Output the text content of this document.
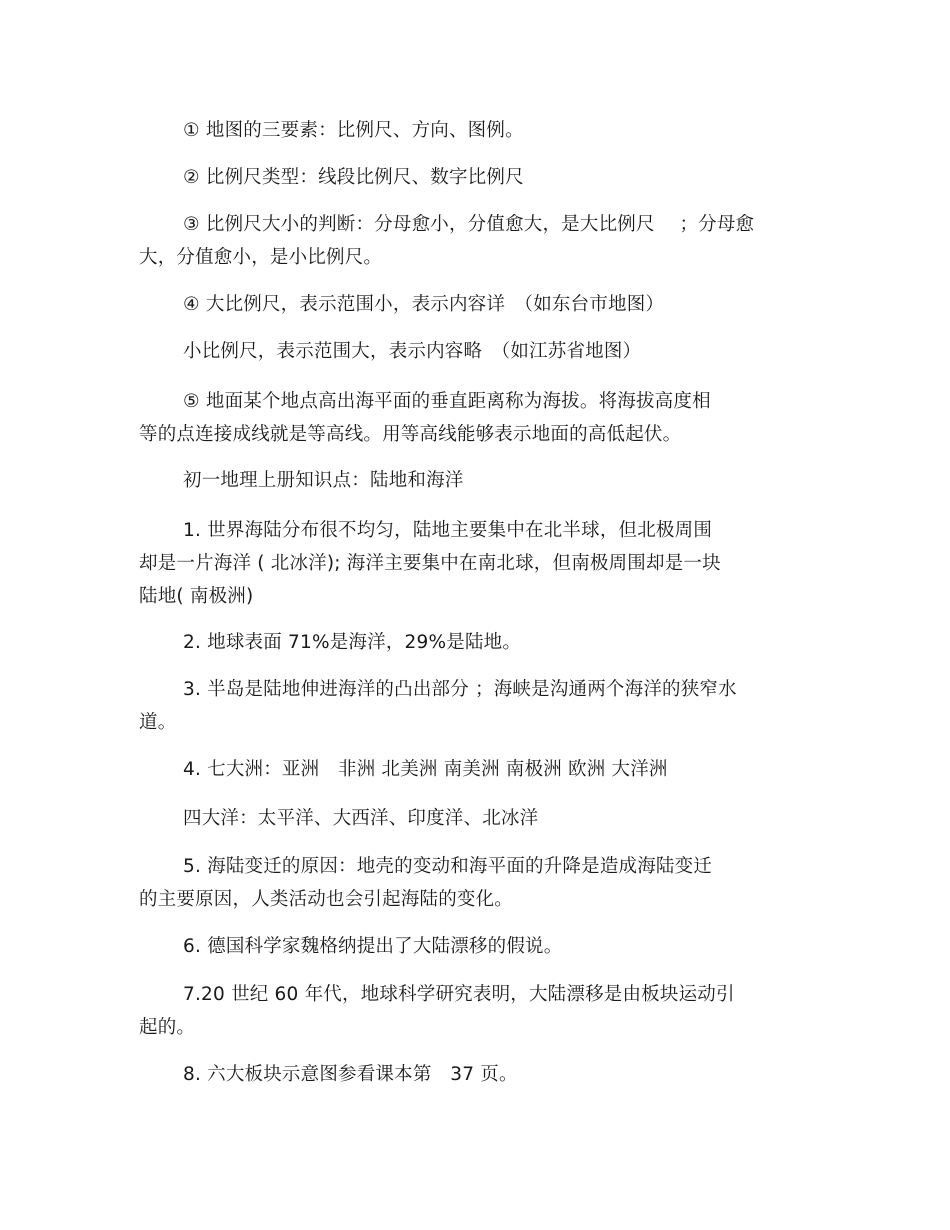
① 地图的三要素：比例尺、方向、图例。

② 比例尺类型：线段比例尺、数字比例尺

③ 比例尺大小的判断：分母愈小，分值愈大，是大比例尺　 ；分母愈
大，分值愈小，是小比例尺。

④ 大比例尺，表示范围小，表示内容详　（如东台市地图）

小比例尺，表示范围大，表示内容略　（如江苏省地图）

⑤ 地面某个地点高出海平面的垂直距离称为海拔。将海拔高度相
等的点连接成线就是等高线。用等高线能够表示地面的高低起伏。

初一地理上册知识点：陆地和海洋

1. 世界海陆分布很不均匀，陆地主要集中在北半球，但北极周围
却是一片海洋 ( 北冰洋); 海洋主要集中在南北球，但南极周围却是一块
陆地( 南极洲)

2. 地球表面 71%是海洋，29%是陆地。

3. 半岛是陆地伸进海洋的凸出部分 ；海峡是沟通两个海洋的狭窄水
道。

4. 七大洲：亚洲　非洲 北美洲 南美洲 南极洲 欧洲 大洋洲

四大洋：太平洋、大西洋、印度洋、北冰洋

5. 海陆变迁的原因：地壳的变动和海平面的升降是造成海陆变迁
的主要原因，人类活动也会引起海陆的变化。

6. 德国科学家魏格纳提出了大陆漂移的假说。

7.20 世纪 60 年代，地球科学研究表明，大陆漂移是由板块运动引
起的。

8. 六大板块示意图参看课本第　37 页。
